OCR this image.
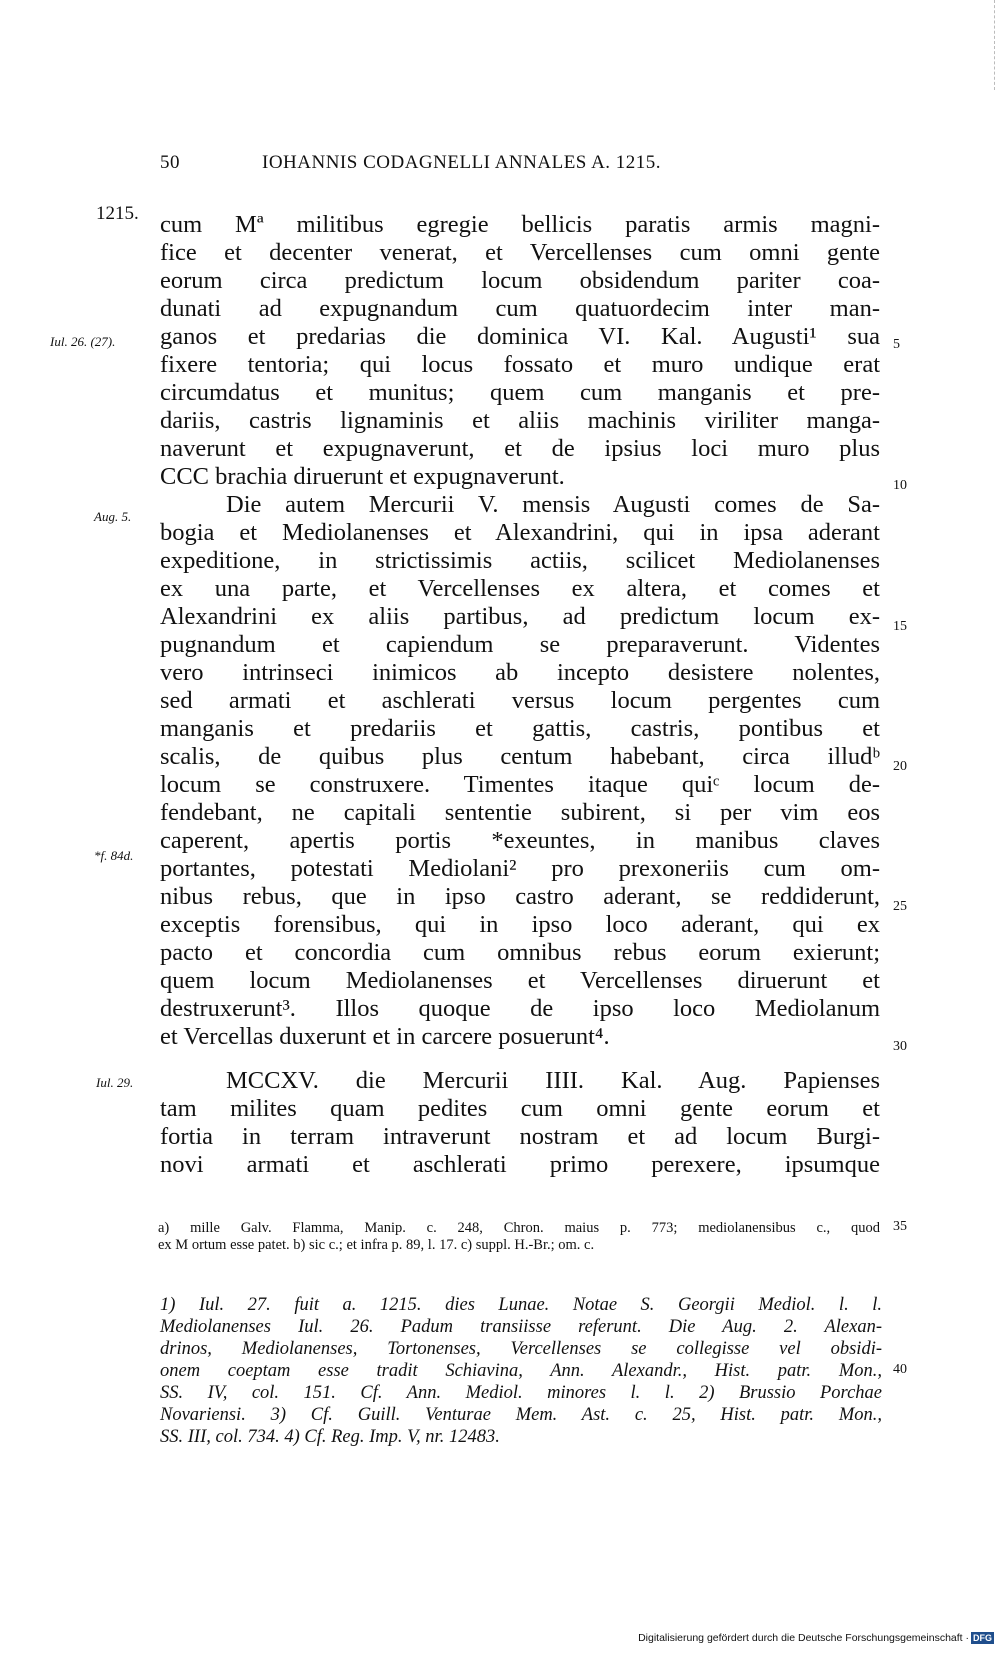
50	IOHANNIS CODAGNELLI ANNALES A. 1215.
1215.
Iul. 26. (27).
Aug. 5.
*f. 84d.
Iul. 29.
cum Mª militibus egregie bellicis paratis armis magni-
fice et decenter venerat, et Vercellenses cum omni gente
eorum circa predictum locum obsidendum pariter coa-
dunati ad expugnandum cum quatuordecim inter man-
ganos et predarias die dominica VI. Kal. Augusti¹ sua
fixere tentoria; qui locus fossato et muro undique erat
circumdatus et munitus; quem cum manganis et pre-
dariis, castris lignaminis et aliis machinis viriliter manga-
naverunt et expugnaverunt, et de ipsius loci muro plus
CCC brachia diruerunt et expugnaverunt.
Die autem Mercurii V. mensis Augusti comes de Sa-
bogia et Mediolanenses et Alexandrini, qui in ipsa aderant
expeditione, in strictissimis actiis, scilicet Mediolanenses
ex una parte, et Vercellenses ex altera, et comes et
Alexandrini ex aliis partibus, ad predictum locum ex-
pugnandum et capiendum se preparaverunt. Videntes
vero intrinseci inimicos ab incepto desistere nolentes,
sed armati et aschlerati versus locum pergentes cum
manganis et predariis et gattis, castris, pontibus et
scalis, de quibus plus centum habebant, circa illudᵇ
locum se construxere. Timentes itaque quiᶜ locum de-
fendebant, ne capitali sententie subirent, si per vim eos
caperent, apertis portis *exeuntes, in manibus claves
portantes, potestati Mediolani² pro prexoneriis cum om-
nibus rebus, que in ipso castro aderant, se reddiderunt,
exceptis forensibus, qui in ipso loco aderant, qui ex
pacto et concordia cum omnibus rebus eorum exierunt;
quem locum Mediolanenses et Vercellenses diruerunt et
destruxerunt³. Illos quoque de ipso loco Mediolanum
et Vercellas duxerunt et in carcere posuerunt⁴.
MCCXV. die Mercurii IIII. Kal. Aug. Papienses
tam milites quam pedites cum omni gente eorum et
fortia in terram intraverunt nostram et ad locum Burgi-
novi armati et aschlerati primo perexere, ipsumque
5
10
15
20
25
30
35
40
a) mille Galv. Flamma, Manip. c. 248, Chron. maius p. 773; mediolanensibus c., quod
ex M ortum esse patet. b) sic c.; et infra p. 89, l. 17. c) suppl. H.-Br.; om. c.
1) Iul. 27. fuit a. 1215. dies Lunae. Notae S. Georgii Mediol. l. l.
Mediolanenses Iul. 26. Padum transiisse referunt. Die Aug. 2. Alexan-
drinos, Mediolanenses, Tortonenses, Vercellenses se collegisse vel obsidi-
onem coeptam esse tradit Schiavina, Ann. Alexandr., Hist. patr. Mon.,
SS. IV, col. 151. Cf. Ann. Mediol. minores l. l. 2) Brussio Porchae
Novariensi. 3) Cf. Guill. Venturae Mem. Ast. c. 25, Hist. patr. Mon.,
SS. III, col. 734. 4) Cf. Reg. Imp. V, nr. 12483.
Digitalisierung gefördert durch die Deutsche Forschungsgemeinschaft · DFG
